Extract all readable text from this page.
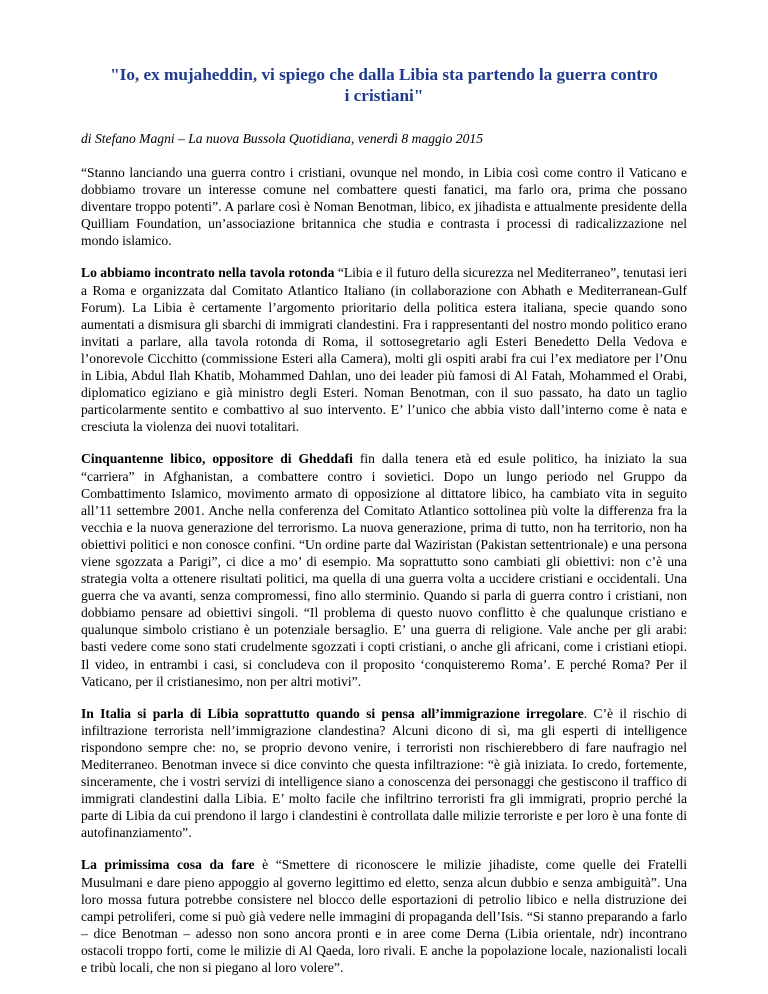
"Io, ex mujaheddin, vi spiego che dalla Libia sta partendo la guerra contro i cristiani"
di Stefano Magni – La nuova Bussola Quotidiana, venerdì 8 maggio 2015

“Stanno lanciando una guerra contro i cristiani, ovunque nel mondo, in Libia così come contro il Vaticano e dobbiamo trovare un interesse comune nel combattere questi fanatici, ma farlo ora, prima che possano diventare troppo potenti”. A parlare così è Noman Benotman, libico, ex jihadista e attualmente presidente della Quilliam Foundation, un’associazione britannica che studia e contrasta i processi di radicalizzazione nel mondo islamico.

Lo abbiamo incontrato nella tavola rotonda “Libia e il futuro della sicurezza nel Mediterraneo”, tenutasi ieri a Roma e organizzata dal Comitato Atlantico Italiano (in collaborazione con Abhath e Mediterranean-Gulf Forum). La Libia è certamente l’argomento prioritario della politica estera italiana, specie quando sono aumentati a dismisura gli sbarchi di immigrati clandestini. Fra i rappresentanti del nostro mondo politico erano invitati a parlare, alla tavola rotonda di Roma, il sottosegretario agli Esteri Benedetto Della Vedova e l’onorevole Cicchitto (commissione Esteri alla Camera), molti gli ospiti arabi fra cui l’ex mediatore per l’Onu in Libia, Abdul Ilah Khatib, Mohammed Dahlan, uno dei leader più famosi di Al Fatah, Mohammed el Orabi, diplomatico egiziano e già ministro degli Esteri. Noman Benotman, con il suo passato, ha dato un taglio particolarmente sentito e combattivo al suo intervento. E’ l’unico che abbia visto dall’interno come è nata e cresciuta la violenza dei nuovi totalitari.

Cinquantenne libico, oppositore di Gheddafi fin dalla tenera età ed esule politico, ha iniziato la sua “carriera” in Afghanistan, a combattere contro i sovietici. Dopo un lungo periodo nel Gruppo da Combattimento Islamico, movimento armato di opposizione al dittatore libico, ha cambiato vita in seguito all’11 settembre 2001. Anche nella conferenza del Comitato Atlantico sottolinea più volte la differenza fra la vecchia e la nuova generazione del terrorismo. La nuova generazione, prima di tutto, non ha territorio, non ha obiettivi politici e non conosce confini. “Un ordine parte dal Waziristan (Pakistan settentrionale) e una persona viene sgozzata a Parigi”, ci dice a mo’ di esempio. Ma soprattutto sono cambiati gli obiettivi: non c’è una strategia volta a ottenere risultati politici, ma quella di una guerra volta a uccidere cristiani e occidentali. Una guerra che va avanti, senza compromessi, fino allo sterminio. Quando si parla di guerra contro i cristiani, non dobbiamo pensare ad obiettivi singoli. “Il problema di questo nuovo conflitto è che qualunque cristiano e qualunque simbolo cristiano è un potenziale bersaglio. E’ una guerra di religione. Vale anche per gli arabi: basti vedere come sono stati crudelmente sgozzati i copti cristiani, o anche gli africani, come i cristiani etiopi. Il video, in entrambi i casi, si concludeva con il proposito ‘conquisteremo Roma’. E perché Roma? Per il Vaticano, per il cristianesimo, non per altri motivi”.

In Italia si parla di Libia soprattutto quando si pensa all’immigrazione irregolare. C’è il rischio di infiltrazione terrorista nell’immigrazione clandestina? Alcuni dicono di sì, ma gli esperti di intelligence rispondono sempre che: no, se proprio devono venire, i terroristi non rischierebbero di fare naufragio nel Mediterraneo. Benotman invece si dice convinto che questa infiltrazione: “è già iniziata. Io credo, fortemente, sinceramente, che i vostri servizi di intelligence siano a conoscenza dei personaggi che gestiscono il traffico di immigrati clandestini dalla Libia. E’ molto facile che infiltrino terroristi fra gli immigrati, proprio perché la parte di Libia da cui prendono il largo i clandestini è controllata dalle milizie terroriste e per loro è una fonte di autofinanziamento”.

La primissima cosa da fare è “Smettere di riconoscere le milizie jihadiste, come quelle dei Fratelli Musulmani e dare pieno appoggio al governo legittimo ed eletto, senza alcun dubbio e senza ambiguità”. Una loro mossa futura potrebbe consistere nel blocco delle esportazioni di petrolio libico e nella distruzione dei campi petroliferi, come si può già vedere nelle immagini di propaganda dell’Isis. “Si stanno preparando a farlo – dice Benotman – adesso non sono ancora pronti e in aree come Derna (Libia orientale, ndr) incontrano ostacoli troppo forti, come le milizie di Al Qaeda, loro rivali. E anche la popolazione locale, nazionalisti locali e tribù locali, che non si piegano al loro volere”.
